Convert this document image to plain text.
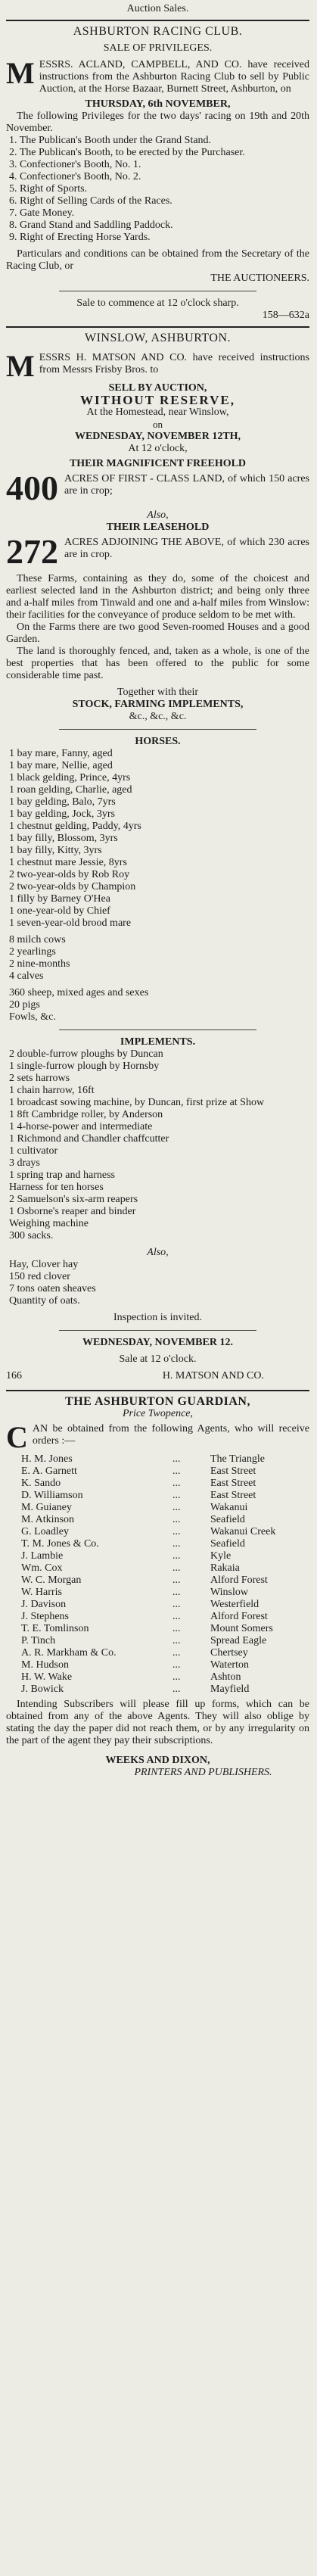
Auction Sales.
ASHBURTON RACING CLUB.
SALE OF PRIVILEGES.
M ESSRS. ACLAND, CAMPBELL, AND CO. have received instructions from the Ashburton Racing Club to sell by Public Auction, at the Horse Bazaar, Burnett Street, Ashburton, on
THURSDAY, 6th NOVEMBER,
The following Privileges for the two days' racing on 19th and 20th November.
1. The Publican's Booth under the Grand Stand.
2. The Publican's Booth, to be erected by the Purchaser.
3. Confectioner's Booth, No. 1.
4. Confectioner's Booth, No. 2.
5. Right of Sports.
6. Right of Selling Cards of the Races.
7. Gate Money.
8. Grand Stand and Saddling Paddock.
9. Right of Erecting Horse Yards.
Particulars and conditions can be obtained from the Secretary of the Racing Club, or
THE AUCTIONEERS.
Sale to commence at 12 o'clock sharp.
158—632a
WINSLOW, ASHBURTON.
M ESSRS H. MATSON AND CO. have received instructions from Messrs Frisby Bros. to
SELL BY AUCTION,
WITHOUT RESERVE,
At the Homestead, near Winslow,
on
WEDNESDAY, NOVEMBER 12TH,
At 12 o'clock,
THEIR MAGNIFICENT FREEHOLD
400 ACRES OF FIRST - CLASS LAND, of which 150 acres are in crop;
Also,
THEIR LEASEHOLD
272 ACRES ADJOINING THE ABOVE, of which 230 acres are in crop.
These Farms, containing as they do, some of the choicest and earliest selected land in the Ashburton district; and being only three and a-half miles from Tinwald and one and a-half miles from Winslow: their facilities for the conveyance of produce seldom to be met with.
On the Farms there are two good Seven-roomed Houses and a good Garden.
The land is thoroughly fenced, and, taken as a whole, is one of the best properties that has been offered to the public for some considerable time past.
Together with their
STOCK, FARMING IMPLEMENTS,
&c., &c., &c.
HORSES.
1 bay mare, Fanny, aged
1 bay mare, Nellie, aged
1 black gelding, Prince, 4yrs
1 roan gelding, Charlie, aged
1 bay gelding, Balo, 7yrs
1 bay gelding, Jock, 3yrs
1 chestnut gelding, Paddy, 4yrs
1 bay filly, Blossom, 3yrs
1 bay filly, Kitty, 3yrs
1 chestnut mare Jessie, 8yrs
2 two-year-olds by Rob Roy
2 two-year-olds by Champion
1 filly by Barney O'Hea
1 one-year-old by Chief
1 seven-year-old brood mare
8 milch cows
2 yearlings
2 nine-months
4 calves
360 sheep, mixed ages and sexes
20 pigs
Fowls, &c.
IMPLEMENTS.
2 double-furrow ploughs by Duncan
1 single-furrow plough by Hornsby
2 sets harrows
1 chain harrow, 16ft
1 broadcast sowing machine, by Duncan, first prize at Show
1 8ft Cambridge roller, by Anderson
1 4-horse-power and intermediate
1 Richmond and Chandler chaffcutter
1 cultivator
3 drays
1 spring trap and harness
Harness for ten horses
2 Samuelson's six-arm reapers
1 Osborne's reaper and binder
Weighing machine
300 sacks.
Also,
Hay, Clover hay
150 red clover
7 tons oaten sheaves
Quantity of oats.
Inspection is invited.
WEDNESDAY, NOVEMBER 12.
Sale at 12 o'clock.
166	H. MATSON AND CO.
THE ASHBURTON GUARDIAN,
Price Twopence,
C AN be obtained from the following Agents, who will receive orders :—
H. M. Jones	...	The Triangle
E. A. Garnett	...	East Street
K. Sando	...	East Street
D. Williamson	...	East Street
M. Guianey	...	Wakanui
M. Atkinson	...	Seafield
G. Loadley	...	Wakanui Creek
T. M. Jones & Co.	...	Seafield
J. Lambie	...	Kyle
Wm. Cox	...	Rakaia
W. C. Morgan	...	Alford Forest
W. Harris	...	Winslow
J. Davison	...	Westerfield
J. Stephens	...	Alford Forest
T. E. Tomlinson	...	Mount Somers
P. Tinch	...	Spread Eagle
A. R. Markham & Co.	...	Chertsey
M. Hudson	...	Waterton
H. W. Wake	...	Ashton
J. Bowick	...	Mayfield
Intending Subscribers will please fill up forms, which can be obtained from any of the above Agents. They will also oblige by stating the day the paper did not reach them, or by any irregularity on the part of the agent they pay their subscriptions.
WEEKS AND DIXON,
PRINTERS AND PUBLISHERS.
